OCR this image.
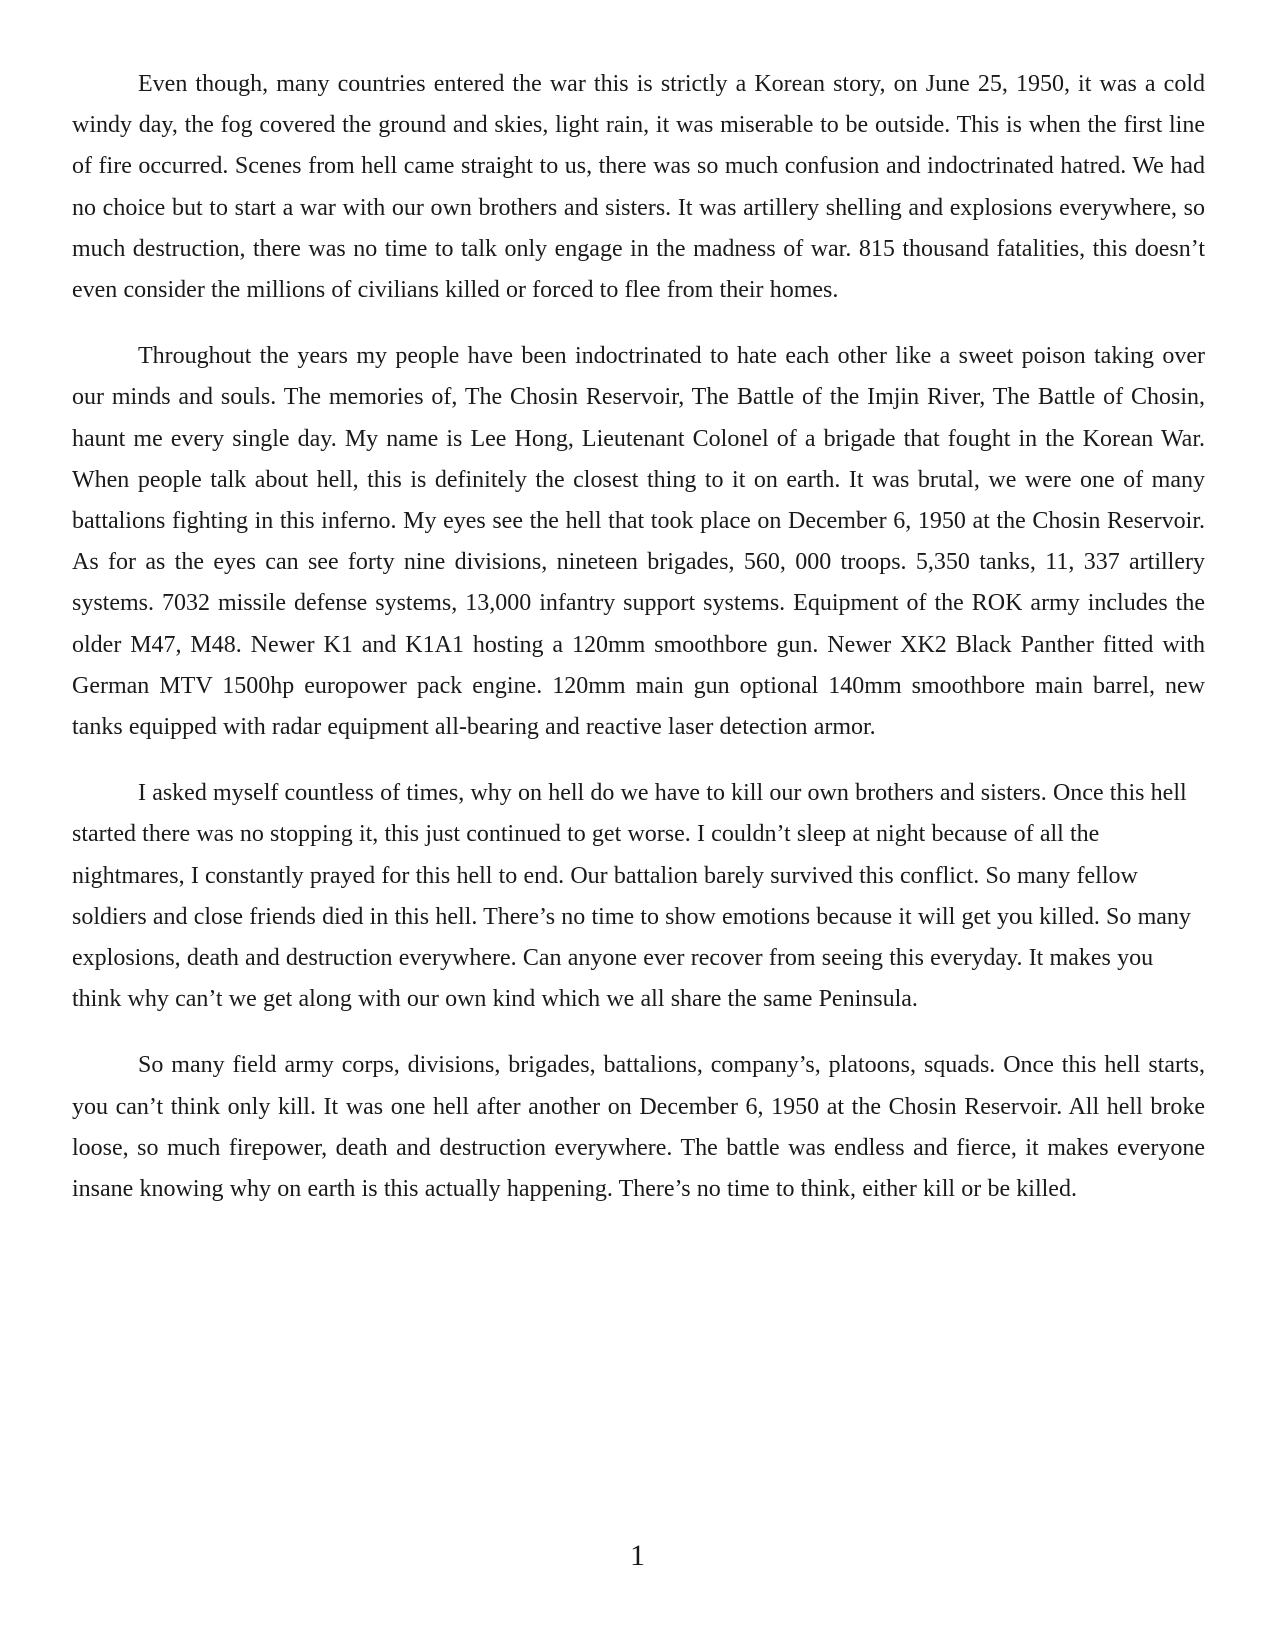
Even though, many countries entered the war this is strictly a Korean story, on June 25, 1950, it was a cold windy day, the fog covered the ground and skies, light rain, it was miserable to be outside. This is when the first line of fire occurred. Scenes from hell came straight to us, there was so much confusion and indoctrinated hatred. We had no choice but to start a war with our own brothers and sisters. It was artillery shelling and explosions everywhere, so much destruction, there was no time to talk only engage in the madness of war. 815 thousand fatalities, this doesn’t even consider the millions of civilians killed or forced to flee from their homes.

Throughout the years my people have been indoctrinated to hate each other like a sweet poison taking over our minds and souls. The memories of, The Chosin Reservoir, The Battle of the Imjin River, The Battle of Chosin, haunt me every single day. My name is Lee Hong, Lieutenant Colonel of a brigade that fought in the Korean War. When people talk about hell, this is definitely the closest thing to it on earth. It was brutal, we were one of many battalions fighting in this inferno. My eyes see the hell that took place on December 6, 1950 at the Chosin Reservoir. As for as the eyes can see forty nine divisions, nineteen brigades, 560, 000 troops. 5,350 tanks, 11, 337 artillery systems. 7032 missile defense systems, 13,000 infantry support systems. Equipment of the ROK army includes the older M47, M48. Newer K1 and K1A1 hosting a 120mm smoothbore gun. Newer XK2 Black Panther fitted with German MTV 1500hp europower pack engine. 120mm main gun optional 140mm smoothbore main barrel, new tanks equipped with radar equipment all-bearing and reactive laser detection armor.

I asked myself countless of times, why on hell do we have to kill our own brothers and sisters. Once this hell started there was no stopping it, this just continued to get worse. I couldn’t sleep at night because of all the nightmares, I constantly prayed for this hell to end. Our battalion barely survived this conflict. So many fellow soldiers and close friends died in this hell. There’s no time to show emotions because it will get you killed. So many explosions, death and destruction everywhere. Can anyone ever recover from seeing this everyday. It makes you think why can’t we get along with our own kind which we all share the same Peninsula.

So many field army corps, divisions, brigades, battalions, company’s, platoons, squads. Once this hell starts, you can’t think only kill. It was one hell after another on December 6, 1950 at the Chosin Reservoir. All hell broke loose, so much firepower, death and destruction everywhere. The battle was endless and fierce, it makes everyone insane knowing why on earth is this actually happening. There’s no time to think, either kill or be killed.

1
